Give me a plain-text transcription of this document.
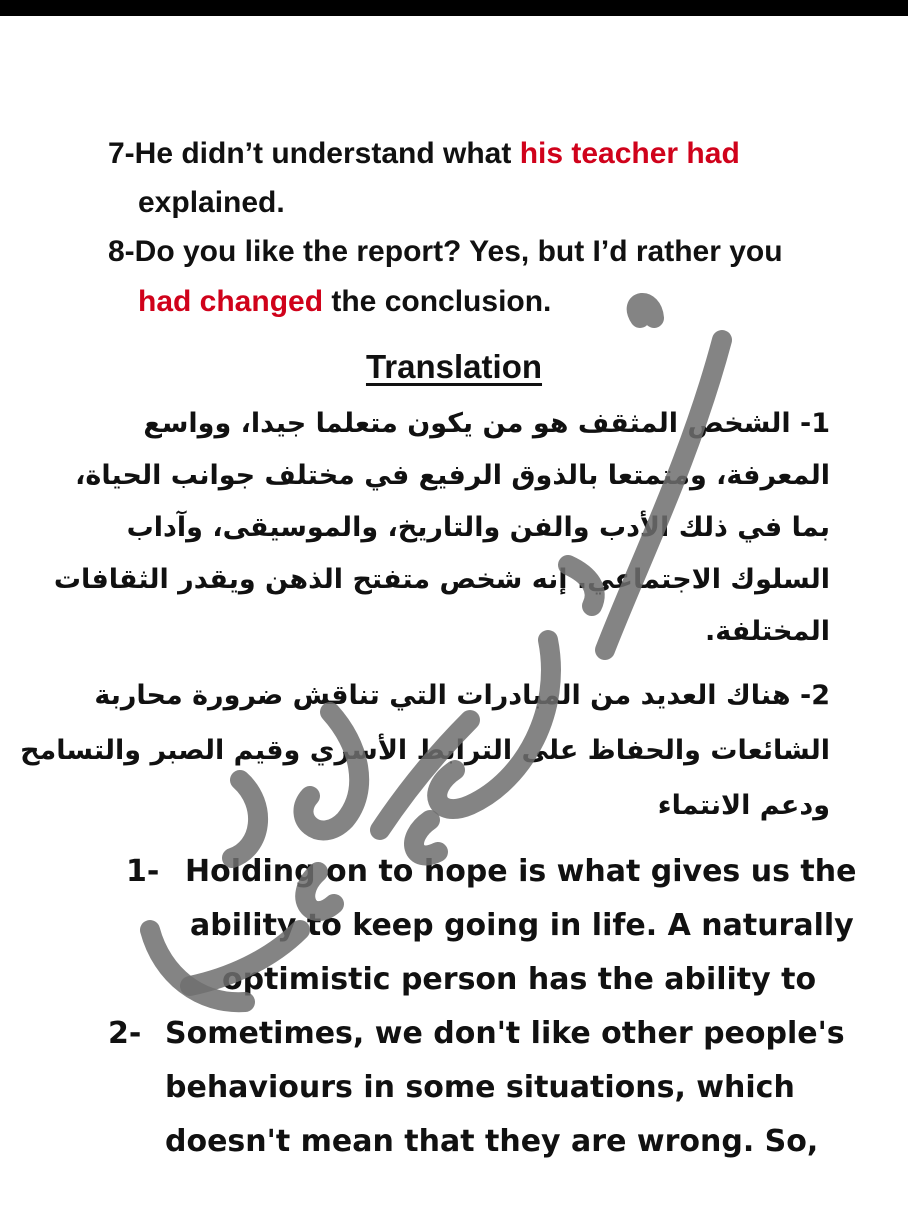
7-He didn’t understand what his teacher had
explained.
8-Do you like the report? Yes, but I’d rather you
had changed the conclusion.
Translation
1- الشخص المثقف هو من يكون متعلما جيدا، وواسع
المعرفة، ومتمتعا بالذوق الرفيع في مختلف جوانب الحياة،
بما في ذلك الأدب والفن والتاريخ، والموسيقى، وآداب
السلوك الاجتماعي. إنه شخص متفتح الذهن ويقدر الثقافات
المختلفة.
2- هناك العديد من المبادرات التي تناقش ضرورة محاربة
الشائعات والحفاظ على الترابط الأسري وقيم الصبر والتسامح
ودعم الانتماء
1- Holding on to hope is what gives us the
ability to keep going in life. A naturally
optimistic person has the ability to
2- Sometimes, we don't like other people's
behaviours in some situations, which
doesn't mean that they are wrong. So,
